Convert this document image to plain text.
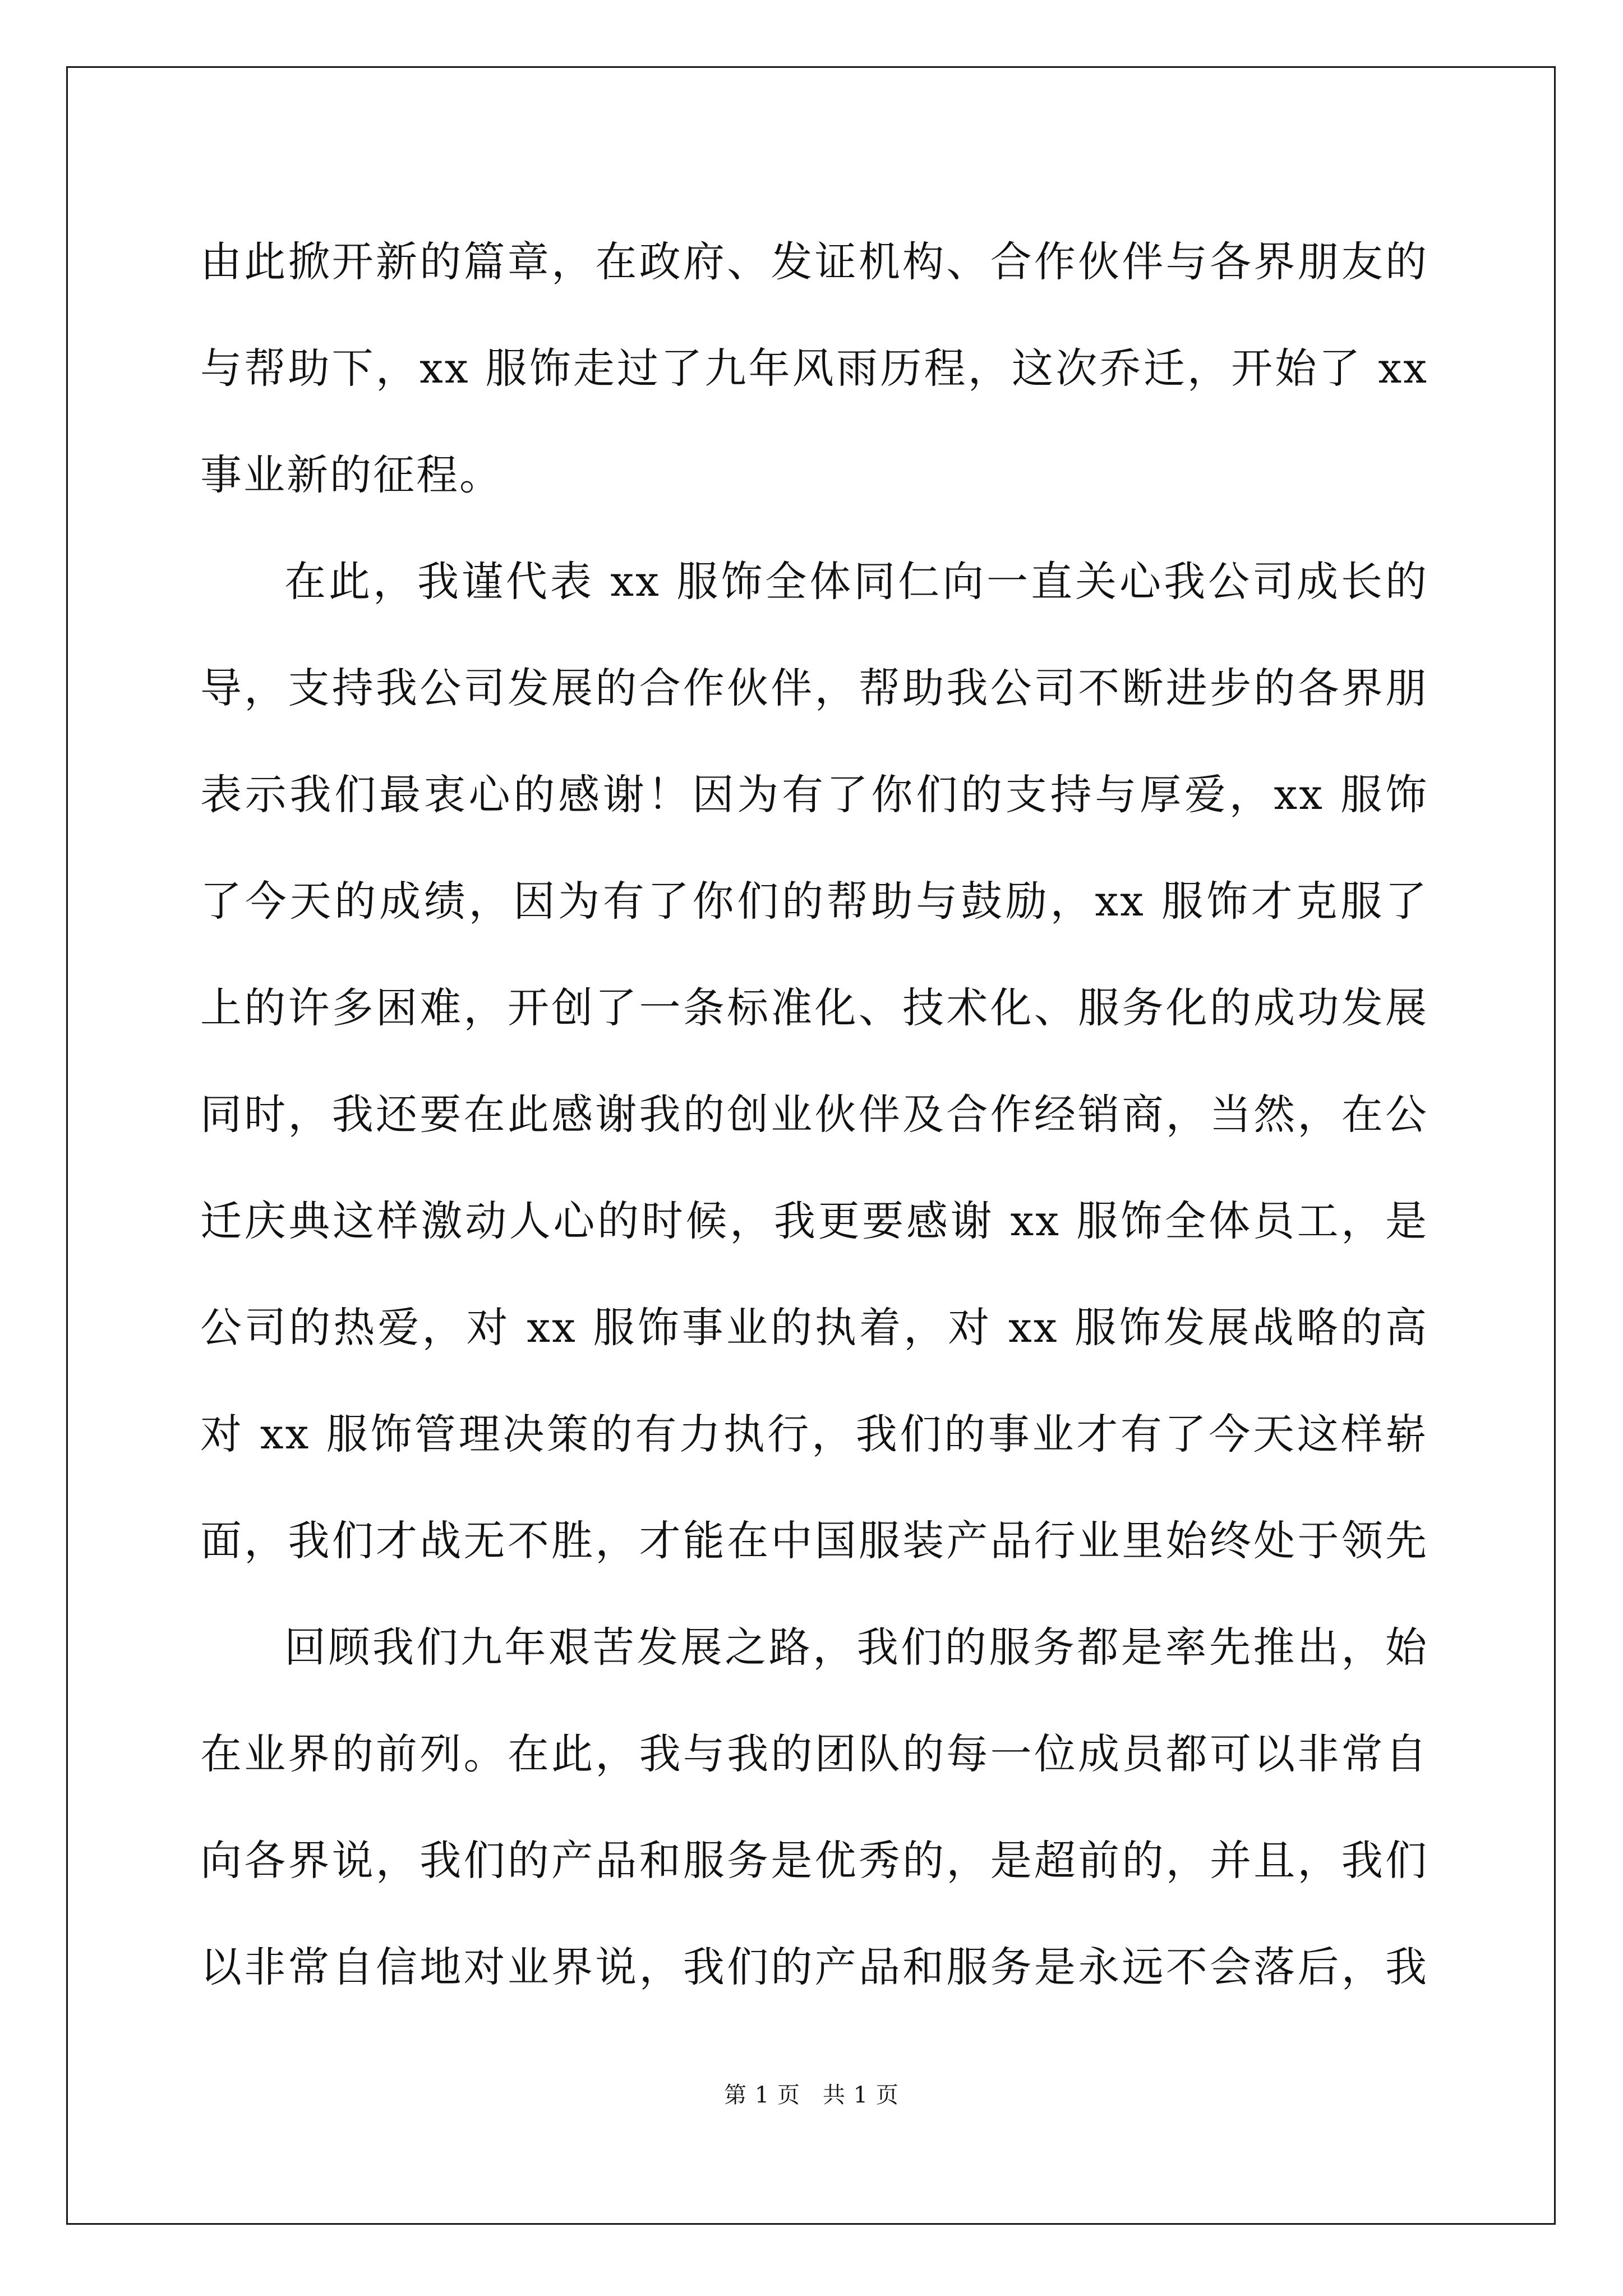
由此掀开新的篇章，在政府、发证机构、合作伙伴与各界朋友的
与帮助下，xx 服饰走过了九年风雨历程，这次乔迁，开始了 xx
事业新的征程。
在此，我谨代表 xx 服饰全体同仁向一直关心我公司成长的
导，支持我公司发展的合作伙伴，帮助我公司不断进步的各界朋
表示我们最衷心的感谢！因为有了你们的支持与厚爱，xx 服饰
了今天的成绩，因为有了你们的帮助与鼓励，xx 服饰才克服了
上的许多困难，开创了一条标准化、技术化、服务化的成功发展
同时，我还要在此感谢我的创业伙伴及合作经销商，当然，在公
迁庆典这样激动人心的时候，我更要感谢 xx 服饰全体员工，是
公司的热爱，对 xx 服饰事业的执着，对 xx 服饰发展战略的高
对 xx 服饰管理决策的有力执行，我们的事业才有了今天这样崭
面，我们才战无不胜，才能在中国服装产品行业里始终处于领先
回顾我们九年艰苦发展之路，我们的服务都是率先推出，始
在业界的前列。在此，我与我的团队的每一位成员都可以非常自
向各界说，我们的产品和服务是优秀的，是超前的，并且，我们
以非常自信地对业界说，我们的产品和服务是永远不会落后，我
第 1 页 共 1 页
